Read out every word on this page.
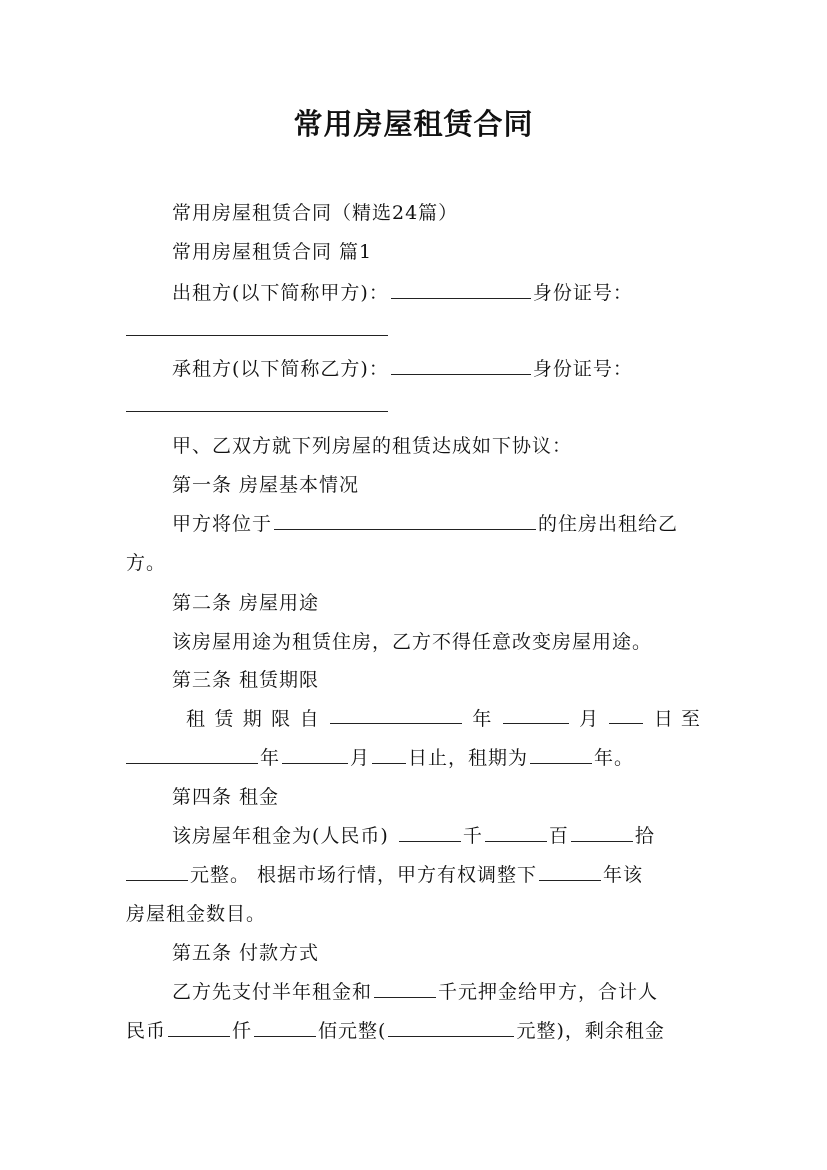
常用房屋租赁合同
常用房屋租赁合同（精选24篇）
常用房屋租赁合同 篇1
出租方(以下简称甲方)：	身份证号：
承租方(以下简称乙方)：	身份证号：
甲、乙双方就下列房屋的租赁达成如下协议：
第一条 房屋基本情况
甲方将位于	的住房出租给乙
方。
第二条 房屋用途
该房屋用途为租赁住房，乙方不得任意改变房屋用途。
第三条 租赁期限
租 赁 期 限 自	年	月	日 至
年	月 日止，租期为	年。
第四条 租金
该房屋年租金为(人民币)	千	百	拾
元整。 根据市场行情，甲方有权调整下	年该
房屋租金数目。
第五条 付款方式
乙方先支付半年租金和	千元押金给甲方，合计人
民币	仟	佰元整(	元整)，剩余租金
